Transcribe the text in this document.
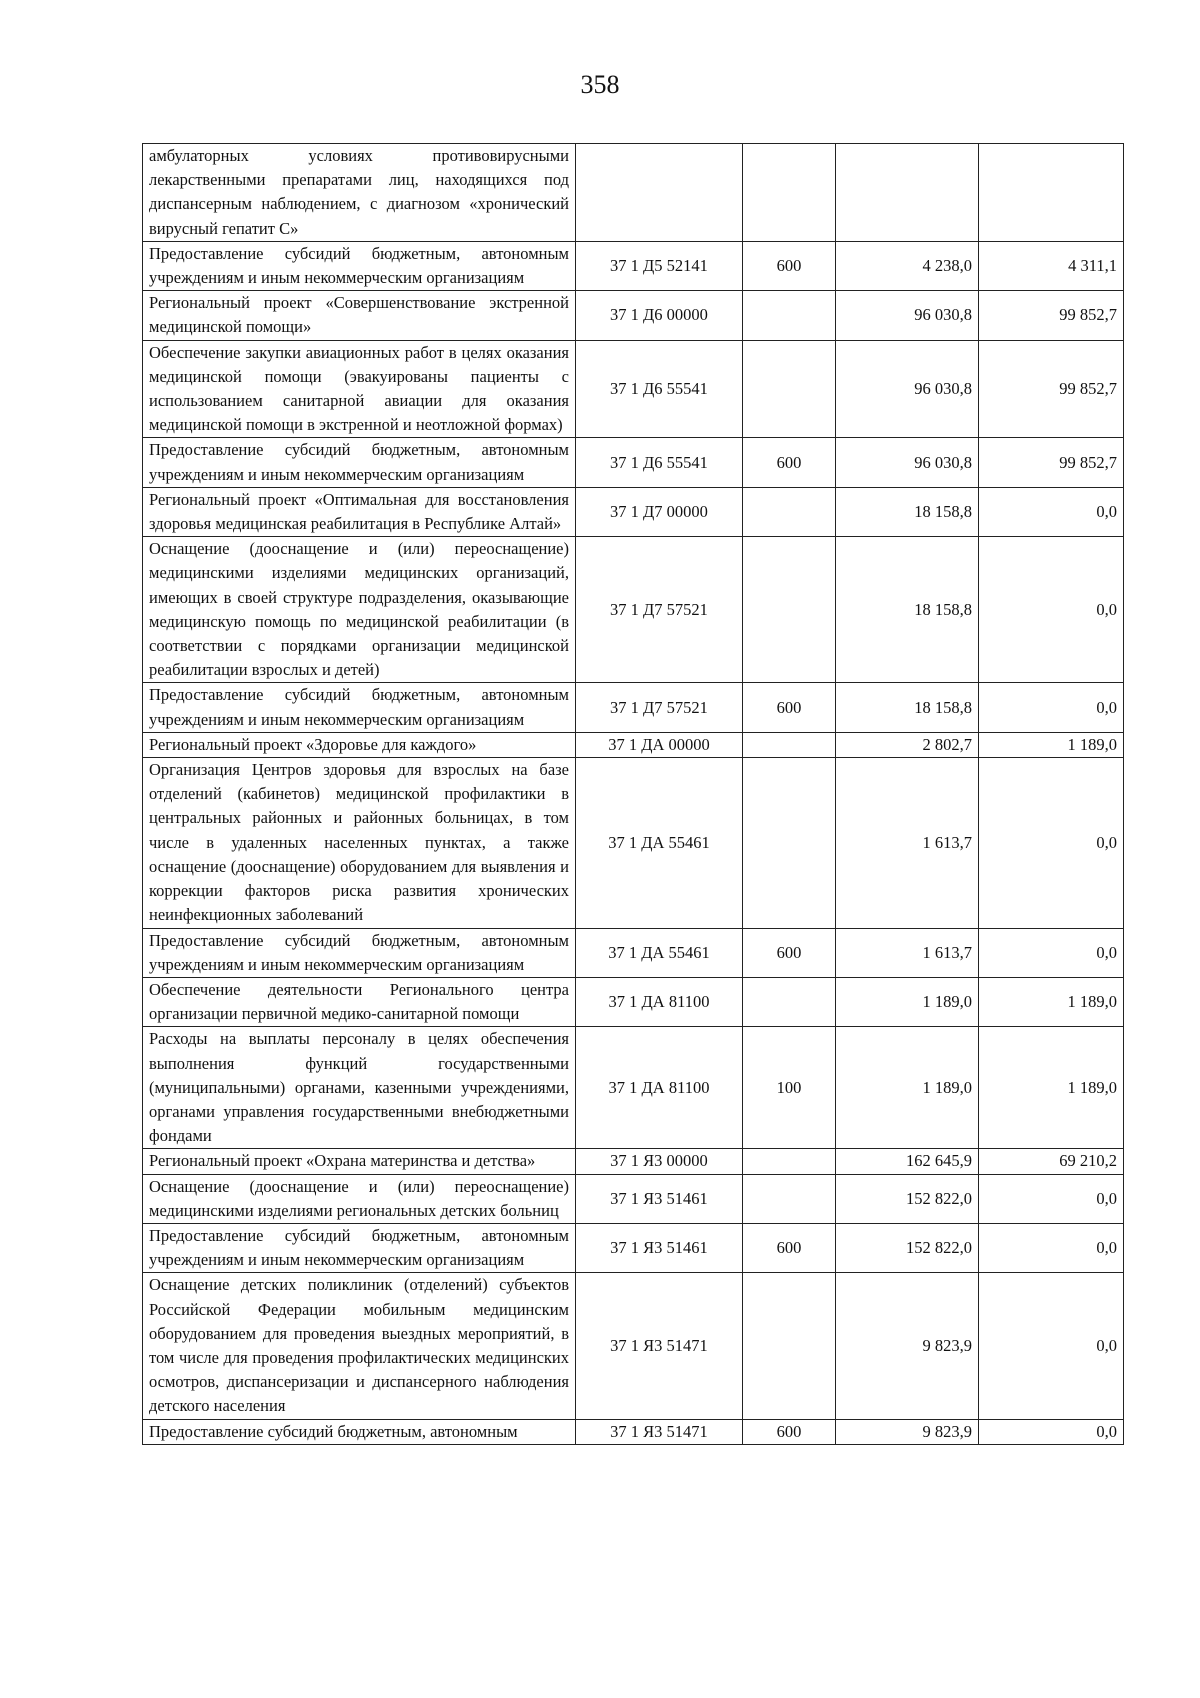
358
амбулаторных условиях противовирусными лекарственными препаратами лиц, находящихся под диспансерным наблюдением, с диагнозом «хронический вирусный гепатит С»				
Предоставление субсидий бюджетным, автономным учреждениям и иным некоммерческим организациям	37 1 Д5 52141	600	4 238,0	4 311,1
Региональный проект «Совершенствование экстренной медицинской помощи»	37 1 Д6 00000		96 030,8	99 852,7
Обеспечение закупки авиационных работ в целях оказания медицинской помощи (эвакуированы пациенты с использованием санитарной авиации для оказания медицинской помощи в экстренной и неотложной формах)	37 1 Д6 55541		96 030,8	99 852,7
Предоставление субсидий бюджетным, автономным учреждениям и иным некоммерческим организациям	37 1 Д6 55541	600	96 030,8	99 852,7
Региональный проект «Оптимальная для восстановления здоровья медицинская реабилитация в Республике Алтай»	37 1 Д7 00000		18 158,8	0,0
Оснащение (дооснащение и (или) переоснащение) медицинскими изделиями медицинских организаций, имеющих в своей структуре подразделения, оказывающие медицинскую помощь по медицинской реабилитации (в соответствии с порядками организации медицинской реабилитации взрослых и детей)	37 1 Д7 57521		18 158,8	0,0
Предоставление субсидий бюджетным, автономным учреждениям и иным некоммерческим организациям	37 1 Д7 57521	600	18 158,8	0,0
Региональный проект «Здоровье для каждого»	37 1 ДА 00000		2 802,7	1 189,0
Организация Центров здоровья для взрослых на базе отделений (кабинетов) медицинской профилактики в центральных районных и районных больницах, в том числе в удаленных населенных пунктах, а также оснащение (дооснащение) оборудованием для выявления и коррекции факторов риска развития хронических неинфекционных заболеваний	37 1 ДА 55461		1 613,7	0,0
Предоставление субсидий бюджетным, автономным учреждениям и иным некоммерческим организациям	37 1 ДА 55461	600	1 613,7	0,0
Обеспечение деятельности Регионального центра организации первичной медико-санитарной помощи	37 1 ДА 81100		1 189,0	1 189,0
Расходы на выплаты персоналу в целях обеспечения выполнения функций государственными (муниципальными) органами, казенными учреждениями, органами управления государственными внебюджетными фондами	37 1 ДА 81100	100	1 189,0	1 189,0
Региональный проект «Охрана материнства и детства»	37 1 Я3 00000		162 645,9	69 210,2
Оснащение (дооснащение и (или) переоснащение) медицинскими изделиями региональных детских больниц	37 1 Я3 51461		152 822,0	0,0
Предоставление субсидий бюджетным, автономным учреждениям и иным некоммерческим организациям	37 1 Я3 51461	600	152 822,0	0,0
Оснащение детских поликлиник (отделений) субъектов Российской Федерации мобильным медицинским оборудованием для проведения выездных мероприятий, в том числе для проведения профилактических медицинских осмотров, диспансеризации и диспансерного наблюдения детского населения	37 1 Я3 51471		9 823,9	0,0
Предоставление субсидий бюджетным, автономным	37 1 Я3 51471	600	9 823,9	0,0
